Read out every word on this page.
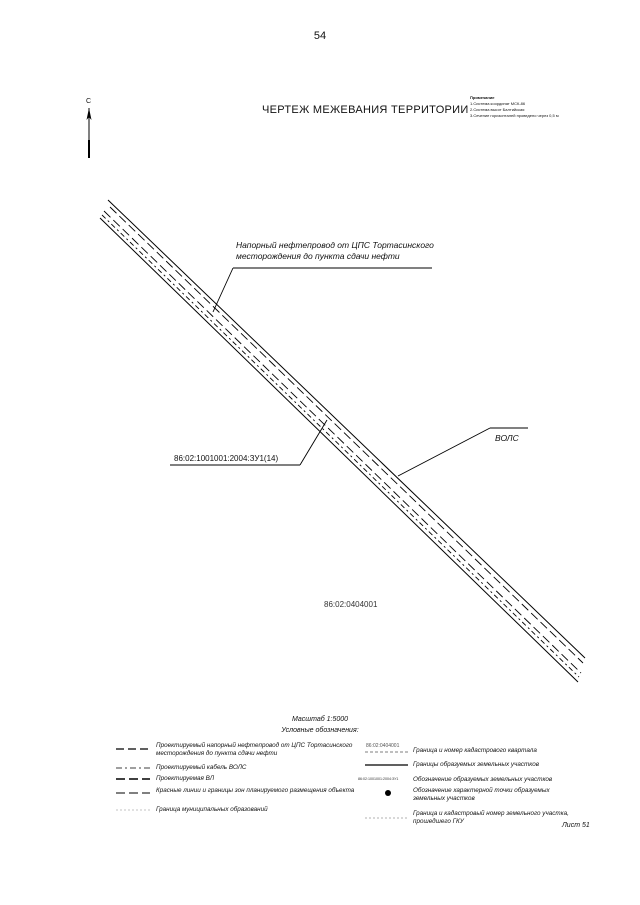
54
С
ЧЕРТЕЖ МЕЖЕВАНИЯ ТЕРРИТОРИИ
Примечание
1.Система координат МСК-86
2.Система высот Балтийская
3.Сечение горизонталей проведено через 0,5 м
Напорный нефтепровод от ЦПС Тортасинского месторождения до пункта сдачи нефти
ВОЛС
86:02:1001001:2004:ЗУ1(14)
86:02:0404001
Масштаб 1:5000
Условные обозначения:
Проектируемый напорный нефтепровод от ЦПС Тортасинского месторождения до пункта сдачи нефти
Проектируемый кабель ВОЛС
Проектируемая ВЛ
Красные линии и границы зон планируемого размещения объекта
Граница муниципальных образований
86:02:0404001
86:02:1001001:2004:ЗУ1
Граница и номер кадастрового квартала
Границы образуемых земельных участков
Обозначение образуемых земельных участков
Обозначение характерной точки образуемых земельных участков
Граница и кадастровый номер земельного участка, прошедшего ГКУ
Лист 51
